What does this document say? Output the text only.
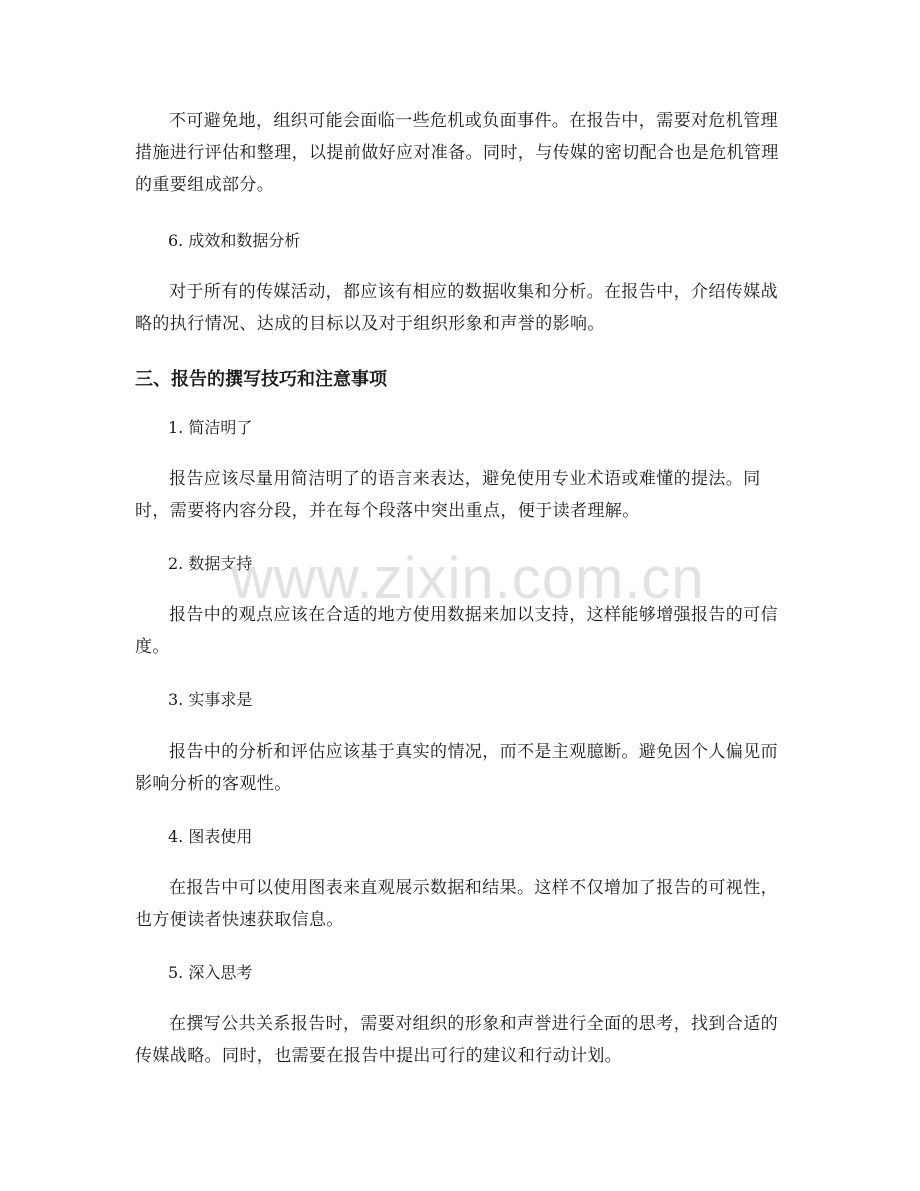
不可避免地，组织可能会面临一些危机或负面事件。在报告中，需要对危机管理措施进行评估和整理，以提前做好应对准备。同时，与传媒的密切配合也是危机管理的重要组成部分。

6. 成效和数据分析

对于所有的传媒活动，都应该有相应的数据收集和分析。在报告中，介绍传媒战略的执行情况、达成的目标以及对于组织形象和声誉的影响。

三、报告的撰写技巧和注意事项

1. 简洁明了

报告应该尽量用简洁明了的语言来表达，避免使用专业术语或难懂的提法。同时，需要将内容分段，并在每个段落中突出重点，便于读者理解。

2. 数据支持

报告中的观点应该在合适的地方使用数据来加以支持，这样能够增强报告的可信度。

3. 实事求是

报告中的分析和评估应该基于真实的情况，而不是主观臆断。避免因个人偏见而影响分析的客观性。

4. 图表使用

在报告中可以使用图表来直观展示数据和结果。这样不仅增加了报告的可视性，也方便读者快速获取信息。

5. 深入思考

在撰写公共关系报告时，需要对组织的形象和声誉进行全面的思考，找到合适的传媒战略。同时，也需要在报告中提出可行的建议和行动计划。

www.zixin.com.cn
